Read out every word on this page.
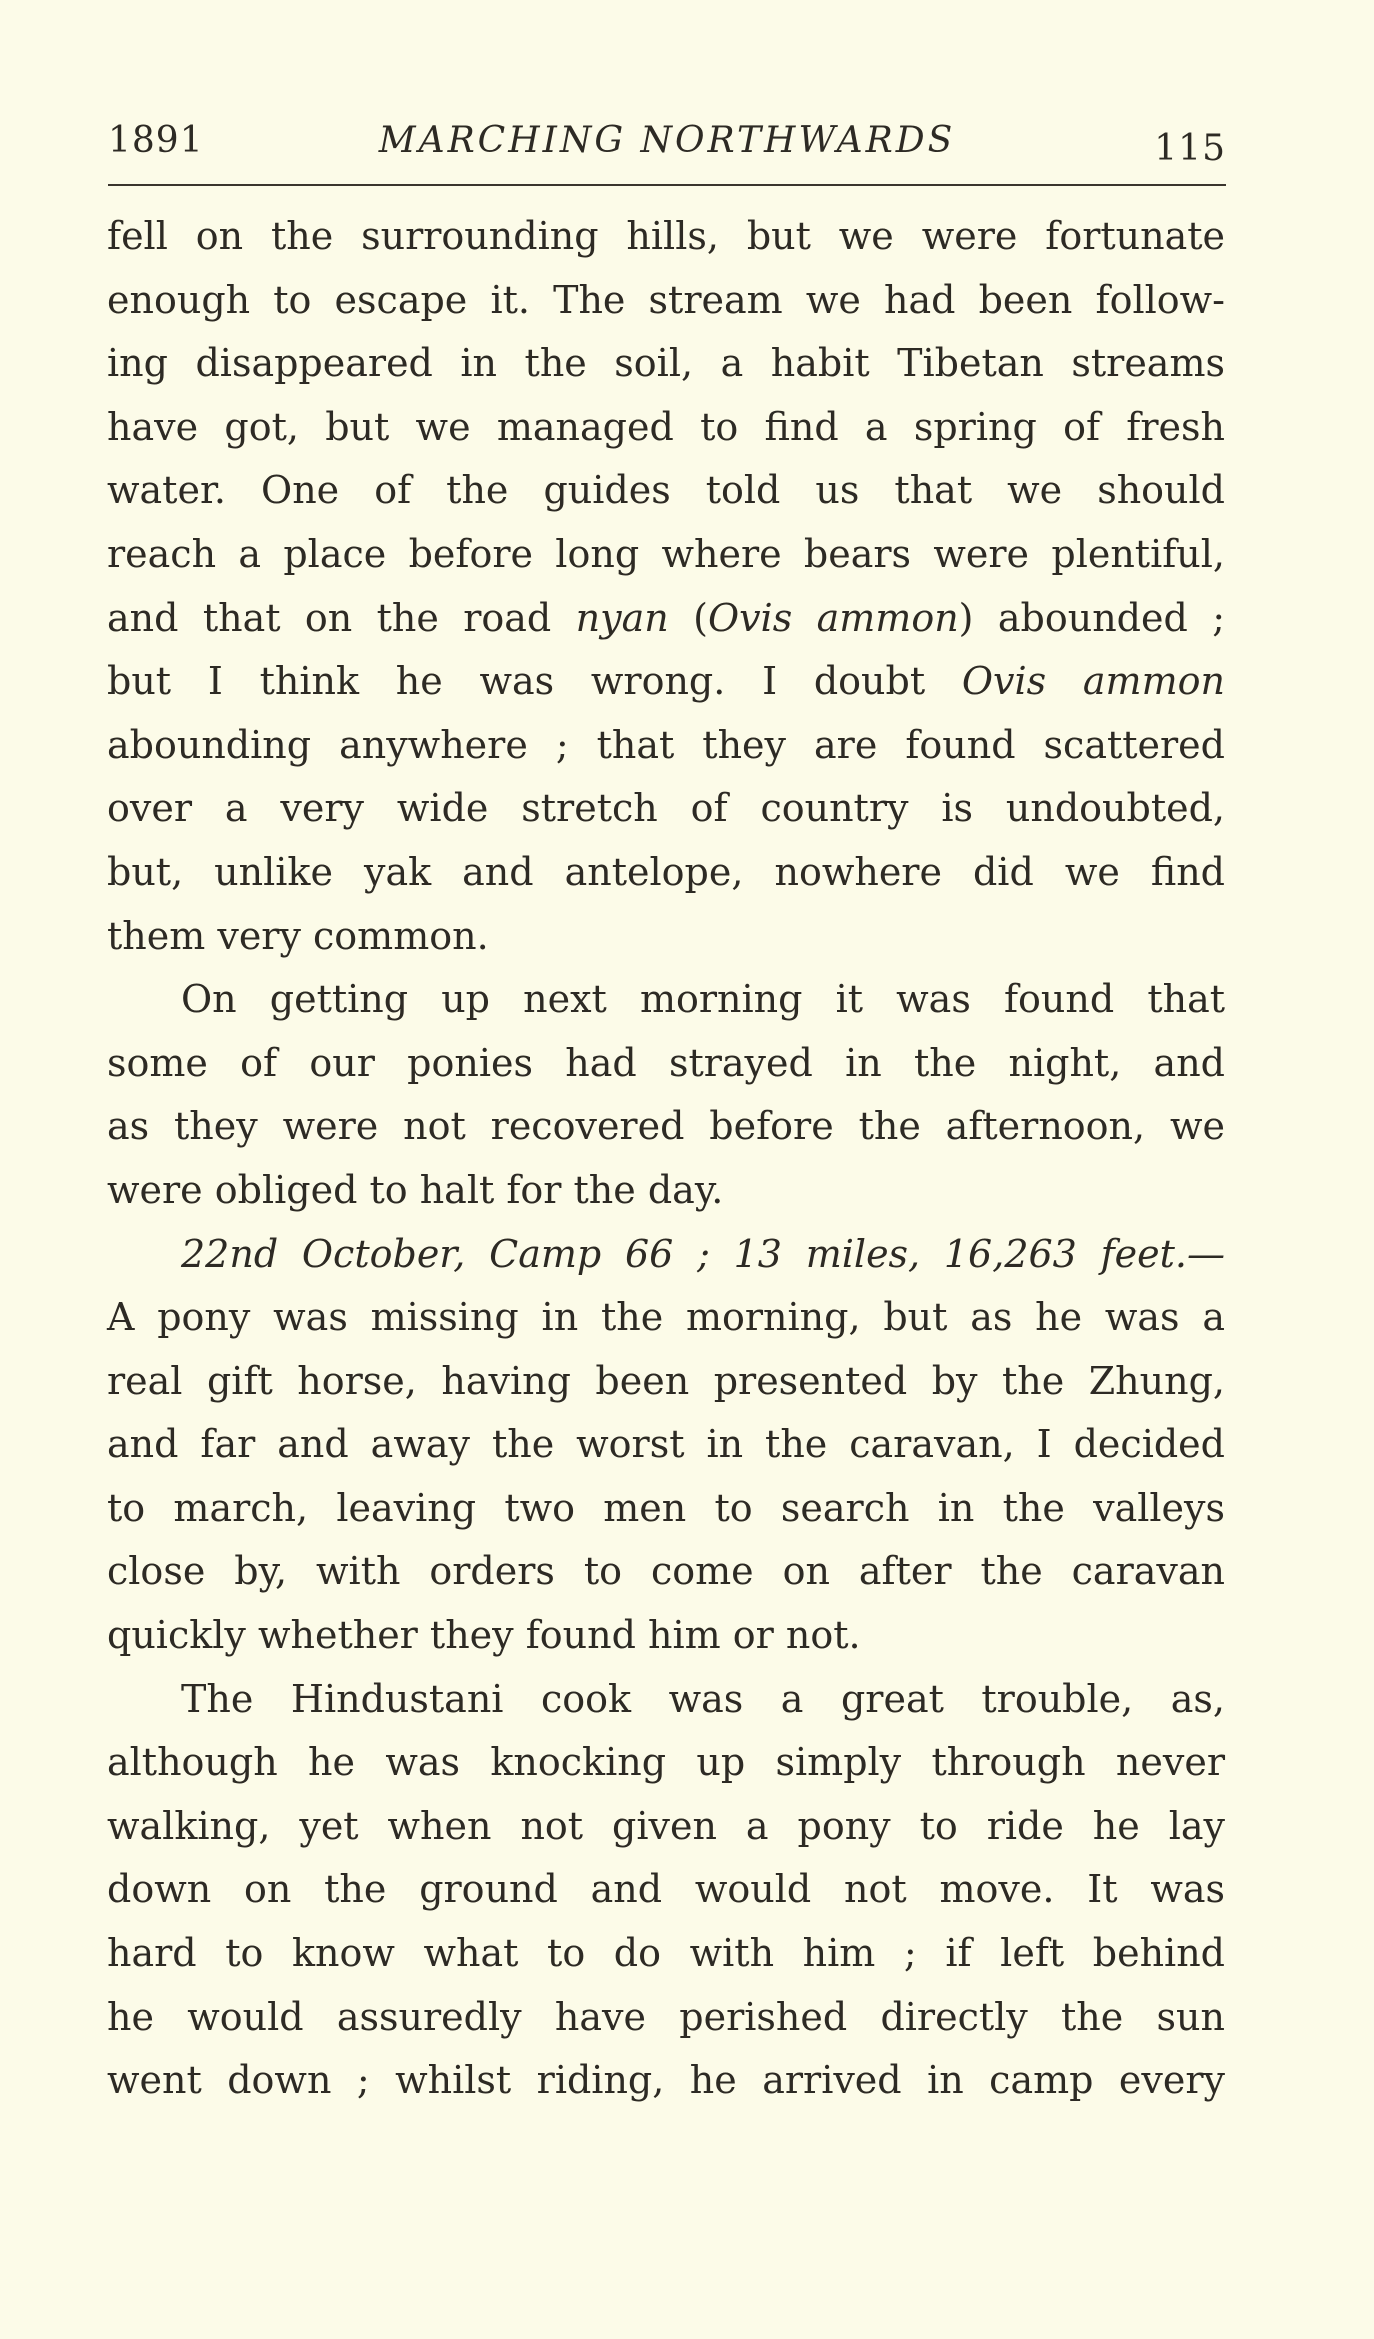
1891	MARCHING NORTHWARDS	115
fell on the surrounding hills, but we were fortunate
enough to escape it. The stream we had been follow-
ing disappeared in the soil, a habit Tibetan streams
have got, but we managed to find a spring of fresh
water. One of the guides told us that we should
reach a place before long where bears were plentiful,
and that on the road nyan (Ovis ammon) abounded ;
but I think he was wrong. I doubt Ovis ammon
abounding anywhere ; that they are found scattered
over a very wide stretch of country is undoubted,
but, unlike yak and antelope, nowhere did we find
them very common.
On getting up next morning it was found that
some of our ponies had strayed in the night, and
as they were not recovered before the afternoon, we
were obliged to halt for the day.
22nd October, Camp 66 ; 13 miles, 16,263 feet.—
A pony was missing in the morning, but as he was a
real gift horse, having been presented by the Zhung,
and far and away the worst in the caravan, I decided
to march, leaving two men to search in the valleys
close by, with orders to come on after the caravan
quickly whether they found him or not.
The Hindustani cook was a great trouble, as,
although he was knocking up simply through never
walking, yet when not given a pony to ride he lay
down on the ground and would not move. It was
hard to know what to do with him ; if left behind
he would assuredly have perished directly the sun
went down ; whilst riding, he arrived in camp every
